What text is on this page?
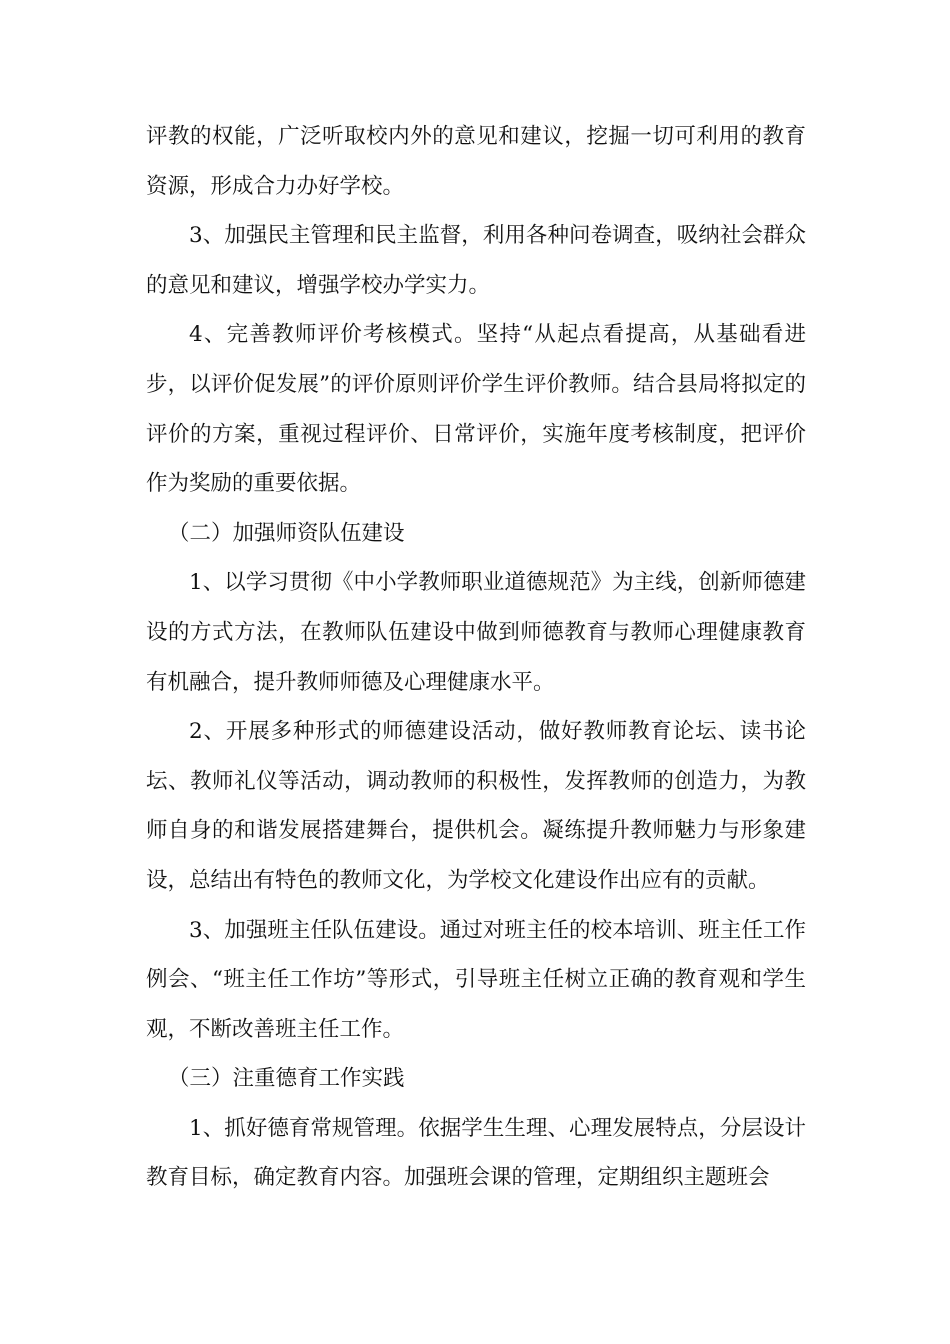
评教的权能，广泛听取校内外的意见和建议，挖掘一切可利用的教育资源，形成合力办好学校。

3、加强民主管理和民主监督，利用各种问卷调查，吸纳社会群众的意见和建议，增强学校办学实力。

4、完善教师评价考核模式。坚持“从起点看提高，从基础看进步，以评价促发展”的评价原则评价学生评价教师。结合县局将拟定的评价的方案，重视过程评价、日常评价，实施年度考核制度，把评价作为奖励的重要依据。

（二）加强师资队伍建设

1、以学习贯彻《中小学教师职业道德规范》为主线，创新师德建设的方式方法，在教师队伍建设中做到师德教育与教师心理健康教育有机融合，提升教师师德及心理健康水平。

2、开展多种形式的师德建设活动，做好教师教育论坛、读书论坛、教师礼仪等活动，调动教师的积极性，发挥教师的创造力，为教师自身的和谐发展搭建舞台，提供机会。凝练提升教师魅力与形象建设，总结出有特色的教师文化，为学校文化建设作出应有的贡献。

3、加强班主任队伍建设。通过对班主任的校本培训、班主任工作例会、“班主任工作坊”等形式，引导班主任树立正确的教育观和学生观，不断改善班主任工作。

（三）注重德育工作实践

1、抓好德育常规管理。依据学生生理、心理发展特点，分层设计教育目标，确定教育内容。加强班会课的管理，定期组织主题班会
